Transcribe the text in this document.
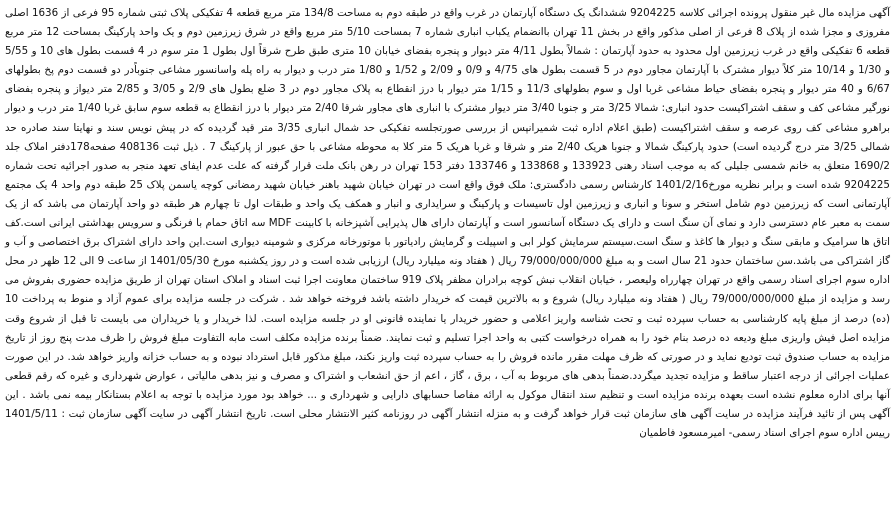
آگهی مزایده مال غیر منقول پرونده اجرائی کلاسه 9204225 ششدانگ یک دستگاه آپارتمان در غرب واقع در طبقه دوم به مساحت 134/8 متر مربع قطعه 4 تفکیکی پلاک ثبتی شماره 95 فرعی از 1636 اصلی مفروزی و مجزا شده از پلاک 8 فرعی از اصلی مذکور واقع در بخش 11 تهران باانضمام یکباب انباری شماره 7 بمساحت 5/10 متر مربع واقع در شرق زیرزمین دوم و یک واحد پارکینگ بمساحت 12 متر مربع قطعه 6 تفکیکی واقع در غرب زیرزمین اول محدود به حدود آپارتمان : شمالاً بطول 4/11 متر دیوار و پنجره بفضای خیابان 10 متری طبق طرح شرقاً اول بطول 1 متر سوم در 4 قسمت بطول های 10 و 5/55 و 1/30 و 10/14 متر کلاً دیوار مشترک با آپارتمان مجاور دوم در 5 قسمت بطول های 4/75 و 0/9 و 2/09 و 1/52 و 1/80 متر درب و دیوار به راه پله واسانسور مشاعی جنوباًدر دو قسمت دوم پخ بطولهای 6/67 و 40 متر دیوار و پنجره بفضای حیاط مشاعی غربا اول و سوم بطولهای 11/3 و 1/15 متر دیوار با درز انقطاع به پلاک مجاور دوم در 3 ضلع بطول های 2/9 و 3/05 و 2/85 متر دیواز و پنجره بفضای نورگیر مشاعی کف و سقف اشتراکیست حدود انباری: شمالا 3/25 متر و جنوبا 3/40 متر دیوار مشترک با انباری های مجاور شرقا 2/40 متر دیوار با درز انقطاع به قطعه سوم سابق غربا 1/40 متر درب و دیوار براهرو مشاعی کف روی عرصه و سقف اشتراکیست (طبق اعلام اداره ثبت شمیرانپس از بررسی صورتجلسه تفکیکی حد شمال انباری 3/35 متر قید گردیده که در پیش نویس سند و نهایتا سند صادره حد شمالی 3/25 متر درج گردیده است) حدود پارکینگ شمالا و جنوبا هریک 2/40 متر و شرقا و غربا هریک 5 متر کلا به محوطه مشاعی با حق عبور از پارکینگ 7 . ذیل ثبت 408136 صفحه178دفتر املاک جلد 1690/2 متعلق به خانم شمسی جلیلی که به موجب اسناد رهنی 133923 و 133868 و 133746 دفتر 153 تهران در رهن بانک ملت قرار گرفته که علت عدم ایفای تعهد منجر به صدور اجرائیه تحت شماره 9204225 شده است و برابر نظریه مورخ1401/2/16 کارشناس رسمی دادگستری: ملک فوق واقع است در تهران خیابان شهید باهنر خیابان شهید رمضانی کوچه یاسمن پلاک 25 طبقه دوم واحد 4 یک مجتمع آپارتمانی است که زیرزمین دوم شامل استخر و سونا و انباری و زیرزمین اول تاسیسات و پارکینگ و سرایداری و انبار و همکف یک واحد و طبقات اول تا چهارم هر طبقه دو واحد آپارتمان می باشد که از یک سمت به معبر عام دسترسی دارد و نمای آن سنگ است و دارای یک دستگاه آسانسور است و آپارتمان دارای هال پذیرایی آشپزخانه با کابینت MDF سه اتاق حمام با فرنگی و سرویس بهداشتی ایرانی است.کف اتاق ها سرامیک و مابقی سنگ و دیوار ها کاغذ و سنگ است.سیستم سرمایش کولر ابی و اسپیلت و گرمایش رادیاتور با موتورخانه مرکزی و شومینه دیواری است.این واحد دارای اشتراک برق اختصاصی و آب و گاز اشتراکی می باشد.سن ساختمان حدود 21 سال است و به مبلغ 79/000/000/000 ریال ( هفتاد ونه میلیارد ریال) ارزیابی شده است و در روز یکشنبه مورخ 1401/05/30 از ساعت 9 الی 12 ظهر در محل اداره سوم اجرای اسناد رسمی واقع در تهران چهارراه ولیعصر ، خیابان انقلاب نبش کوچه برادران مظفر پلاک 919 ساختمان معاونت اجرا ثبت اسناد و املاک استان تهران از طریق مزایده حضوری بفروش می رسد و مزایده از مبلغ 79/000/000/000 ریال ( هفتاد ونه میلیارد ریال) شروع و به بالاترین قیمت که خریدار داشته باشد فروخته خواهد شد . شرکت در جلسه مزایده برای عموم آزاد و منوط به پرداخت 10 (ده) درصد از مبلغ پایه کارشناسی به حساب سپرده ثبت و تحت شناسه واریز اعلامی و حضور خریدار یا نماینده قانونی او در جلسه مزایده است. لذا خریدار و یا خریداران می بایست تا قبل از شروع وقت مزایده اصل فیش واریزی مبلغ ودیعه ده درصد بنام خود را به همراه درخواست کتبی به واحد اجرا تسلیم و ثبت نمایند. ضمناً برنده مزایده مکلف است مابه التفاوت مبلغ فروش را ظرف مدت پنج روز از تاریخ مزایده به حساب صندوق ثبت تودیع نماید و در صورتی که ظرف مهلت مقرر مانده فروش را به حساب سپرده ثبت واریز نکند، مبلغ مذکور قابل استرداد نبوده و به حساب خزانه واریز خواهد شد. در این صورت عملیات اجرائی از درجه اعتبار ساقط و مزایده تجدید میگردد.ضمناً بدهی های مربوط به آب ، برق ، گاز ، اعم از حق انشعاب و اشتراک و مصرف و نیز بدهی مالیاتی ، عوارض شهرداری و غیره که رقم قطعی آنها برای اداره معلوم نشده است بعهده برنده مزایده است و تنظیم سند انتقال موکول به ارائه مفاصا حسابهای دارایی و شهرداری و ... خواهد بود مورد مزایده با توجه به اعلام بستانکار بیمه نمی باشد . این آگهی پس از تائید فرآیند مزایده در سایت آگهی های سازمان ثبت قرار خواهد گرفت و به منزله انتشار آگهی در روزنامه کثیر الانتشار محلی است. تاریخ انتشار آگهی در سایت آگهی سازمان ثبت : 1401/5/11 رییس اداره سوم اجرای اسناد رسمی- امیرمسعود فاطمیان
